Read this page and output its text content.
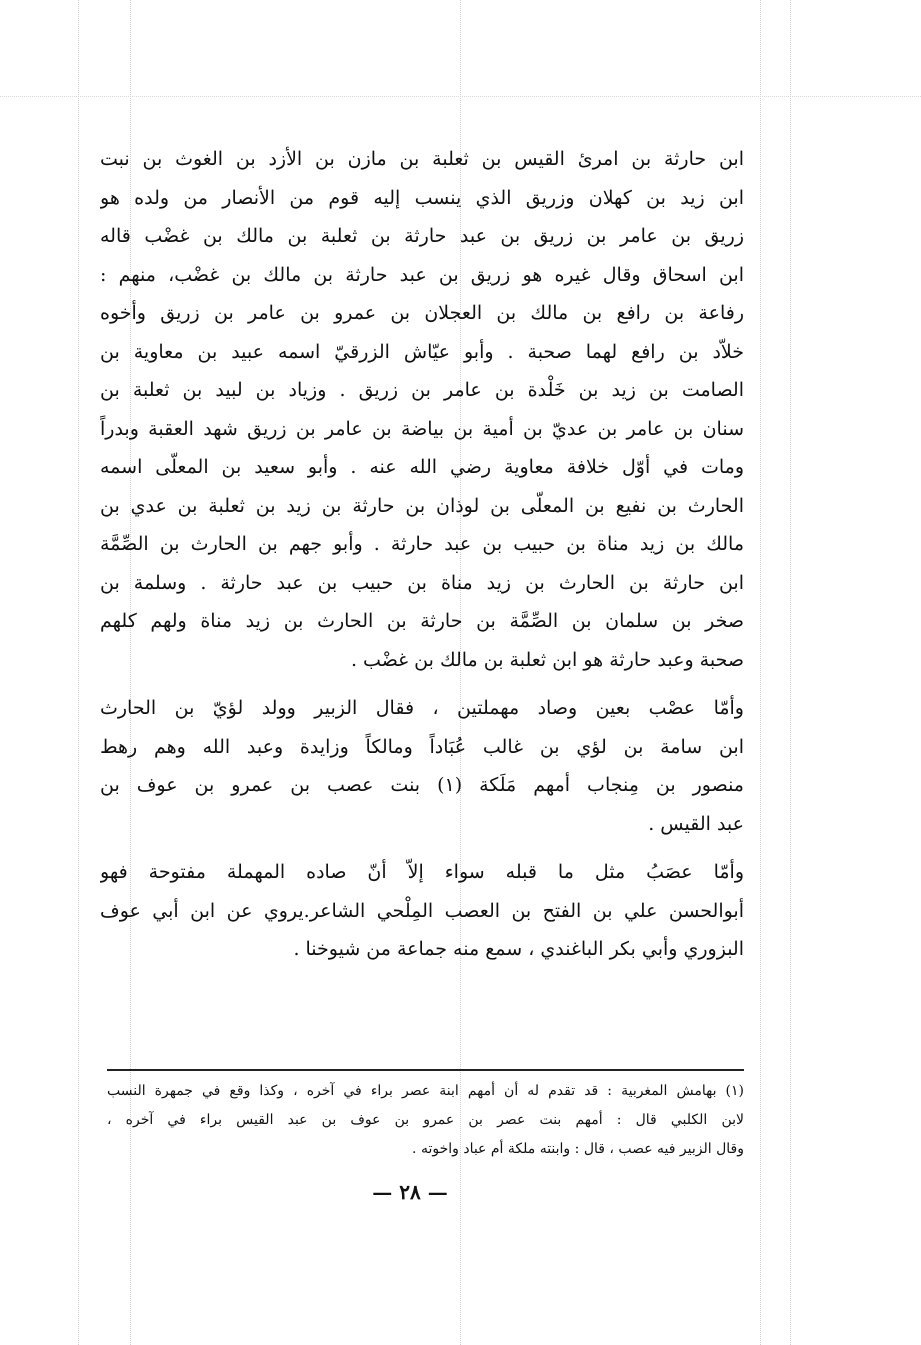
ابن حارثة بن امرئ القيس بن ثعلبة بن مازن بن الأزد بن الغوث بن نبت
ابن زيد بن كهلان وزريق الذي ينسب إليه قوم من الأنصار من ولده هو
زريق بن عامر بن زريق بن عبد حارثة بن ثعلبة بن مالك بن غضْب قاله
ابن اسحاق وقال غيره هو زريق بن عبد حارثة بن مالك بن غضْب، منهم :
رفاعة بن رافع بن مالك بن العجلان بن عمرو بن عامر بن زريق وأخوه
خلاّد بن رافع لهما صحبة . وأبو عيّاش الزرقيّ اسمه عبيد بن معاوية بن
الصامت بن زيد بن خَلْدة بن عامر بن زريق . وزياد بن لبيد بن ثعلبة بن
سنان بن عامر بن عديّ بن أمية بن بياضة بن عامر بن زريق شهد العقبة وبدراً
ومات في أوّل خلافة معاوية رضي الله عنه . وأبو سعيد بن المعلّى اسمه
الحارث بن نفيع بن المعلّى بن لوذان بن حارثة بن زيد بن ثعلبة بن عدي بن
مالك بن زيد مناة بن حبيب بن عبد حارثة . وأبو جهم بن الحارث بن الصِّمَّة
ابن حارثة بن الحارث بن زيد مناة بن حبيب بن عبد حارثة . وسلمة بن
صخر بن سلمان بن الصِّمَّة بن حارثة بن الحارث بن زيد مناة ولهم كلهم
صحبة وعبد حارثة هو ابن ثعلبة بن مالك بن غضْب .
وأمّا عصْب بعين وصاد مهملتين ، فقال الزبير وولد لؤيّ بن الحارث
ابن سامة بن لؤي بن غالب عُبَاداً ومالكاً وزايدة وعبد الله وهم رهط
منصور بن مِنجاب أمهم مَلَكة (١) بنت عصب بن عمرو بن عوف بن
عبد القيس .
وأمّا عصَبُ مثل ما قبله سواء إلاّ أنّ صاده المهملة مفتوحة فهو
أبوالحسن علي بن الفتح بن العصب المِلْحي الشاعر.يروي عن ابن أبي عوف
البزوري وأبي بكر الباغندي ، سمع منه جماعة من شيوخنا .
(١) بهامش المغربية : قد تقدم له أن أمهم ابنة عصر براء في آخره ، وكذا وقع في جمهرة النسب
لابن الكلبي قال : أمهم بنت عصر بن عمرو بن عوف بن عبد القيس براء في آخره ،
وقال الزبير فيه عصب ، قال : وابنته ملكة أم عباد واخوته .
— ٢٨ —
